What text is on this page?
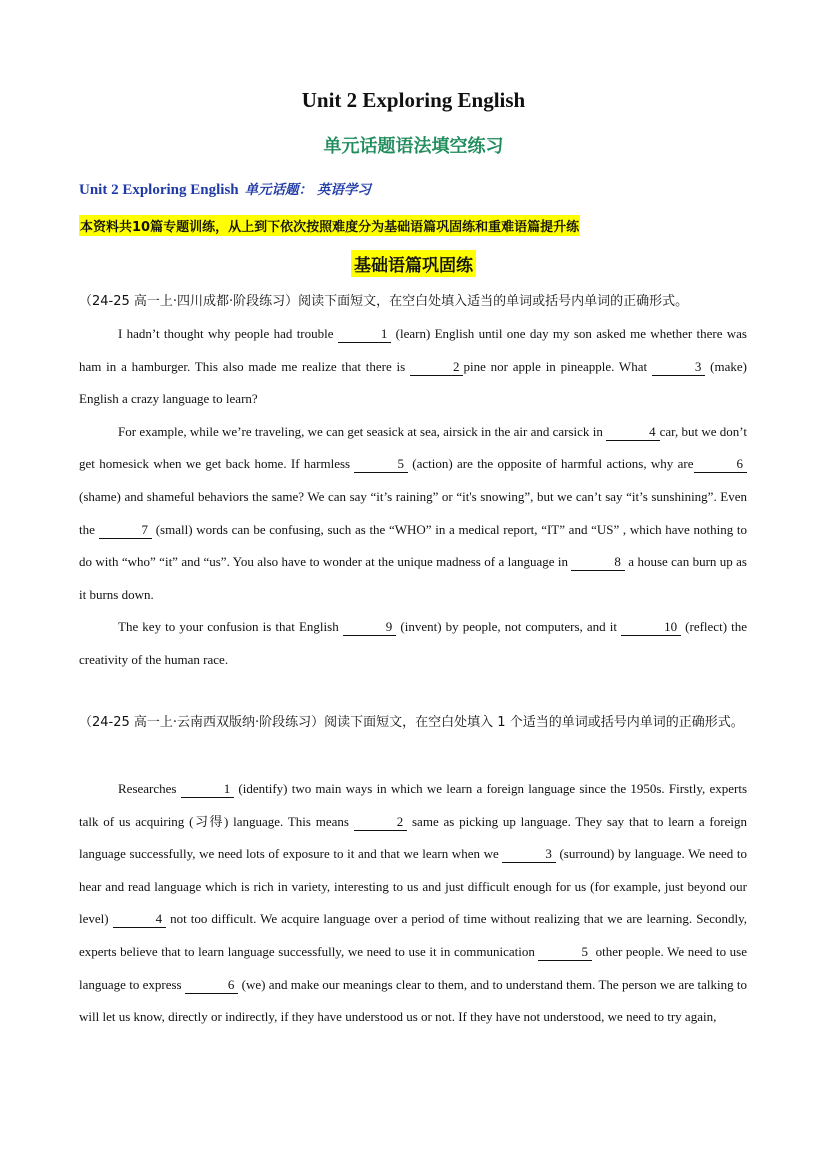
Unit 2 Exploring English
单元话题语法填空练习
Unit 2 Exploring English 单元话题： 英语学习
本资料共10篇专题训练，从上到下依次按照难度分为基础语篇巩固练和重难语篇提升练
基础语篇巩固练
（24-25 高一上·四川成都·阶段练习）阅读下面短文，在空白处填入适当的单词或括号内单词的正确形式。

I hadn’t thought why people had trouble	1 (learn) English until one day my son asked me whether there was ham in a hamburger. This also made me realize that there is	2 pine nor apple in pineapple. What	3 (make) English a crazy language to learn?

For example, while we’re traveling, we can get seasick at sea, airsick in the air and carsick in	4 car, but we don’t get homesick when we get back home. If harmless	5 (action) are the opposite of harmful actions, why are	6 (shame) and shameful behaviors the same? We can say “it’s raining” or “it's snowing”, but we can’t say “it’s sunshining”. Even the	7 (small) words can be confusing, such as the “WHO” in a medical report, “IT” and “US” , which have nothing to do with “who” “it” and “us”. You also have to wonder at the unique madness of a language in	8 a house can burn up as it burns down.

The key to your confusion is that English	9 (invent) by people, not computers, and it	10 (reflect) the creativity of the human race.

（24-25 高一上·云南西双版纳·阶段练习）阅读下面短文，在空白处填入 1 个适当的单词或括号内单词的正确形式。

Researches	1 (identify) two main ways in which we learn a foreign language since the 1950s. Firstly, experts talk of us acquiring (习得) language. This means	2 same as picking up language. They say that to learn a foreign language successfully, we need lots of exposure to it and that we learn when we	3 (surround) by language. We need to hear and read language which is rich in variety, interesting to us and just difficult enough for us (for example, just beyond our level)	4 not too difficult. We acquire language over a period of time without realizing that we are learning. Secondly, experts believe that to learn language successfully, we need to use it in communication	5 other people. We need to use language to express	6 (we) and make our meanings clear to them, and to understand them. The person we are talking to will let us know, directly or indirectly, if they have understood us or not. If they have not understood, we need to try again,
